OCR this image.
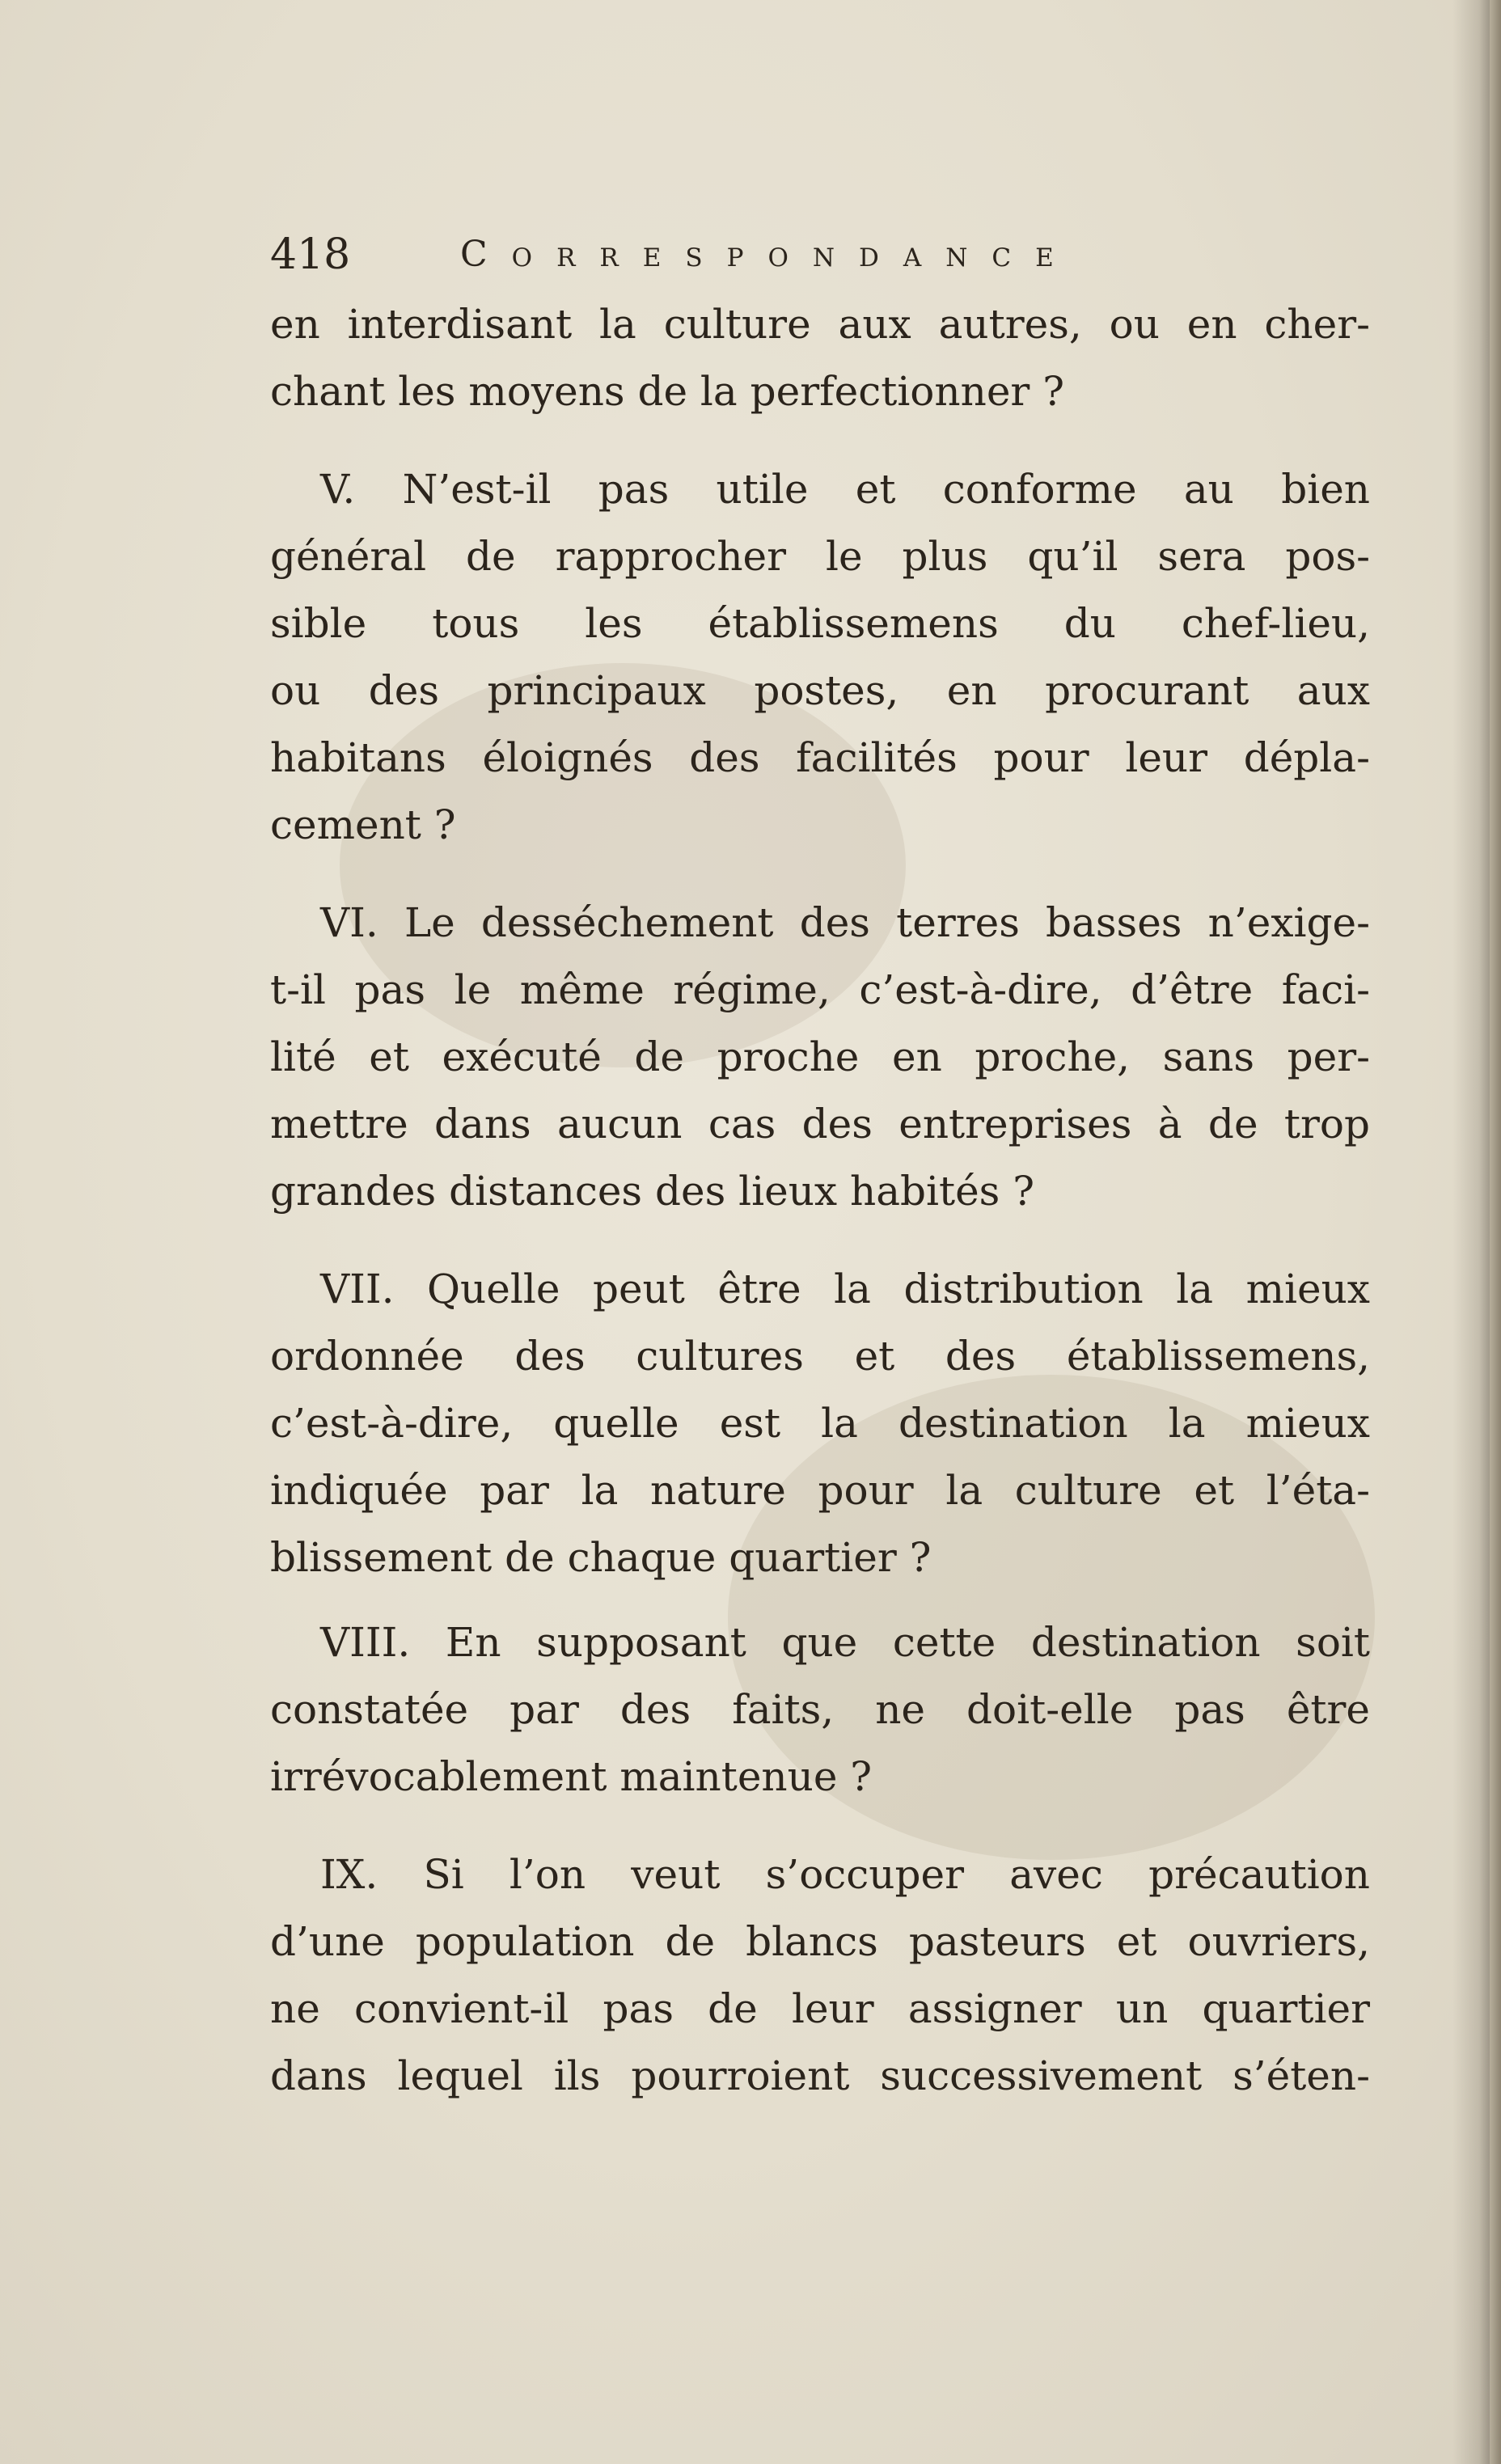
418	Correspondance
en interdisant la culture aux autres, ou en cher-
chant les moyens de la perfectionner ?
V. N’est-il pas utile et conforme au bien
général de rapprocher le plus qu’il sera pos-
sible tous les établissemens du chef-lieu,
ou des principaux postes, en procurant aux
habitans éloignés des facilités pour leur dépla-
cement ?
VI. Le desséchement des terres basses n’exige-
t-il pas le même régime, c’est-à-dire, d’être faci-
lité et exécuté de proche en proche, sans per-
mettre dans aucun cas des entreprises à de trop
grandes distances des lieux habités ?
VII. Quelle peut être la distribution la mieux
ordonnée des cultures et des établissemens,
c’est-à-dire, quelle est la destination la mieux
indiquée par la nature pour la culture et l’éta-
blissement de chaque quartier ?
VIII. En supposant que cette destination soit
constatée par des faits, ne doit-elle pas être
irrévocablement maintenue ?
IX. Si l’on veut s’occuper avec précaution
d’une population de blancs pasteurs et ouvriers,
ne convient-il pas de leur assigner un quartier
dans lequel ils pourroient successivement s’éten-
